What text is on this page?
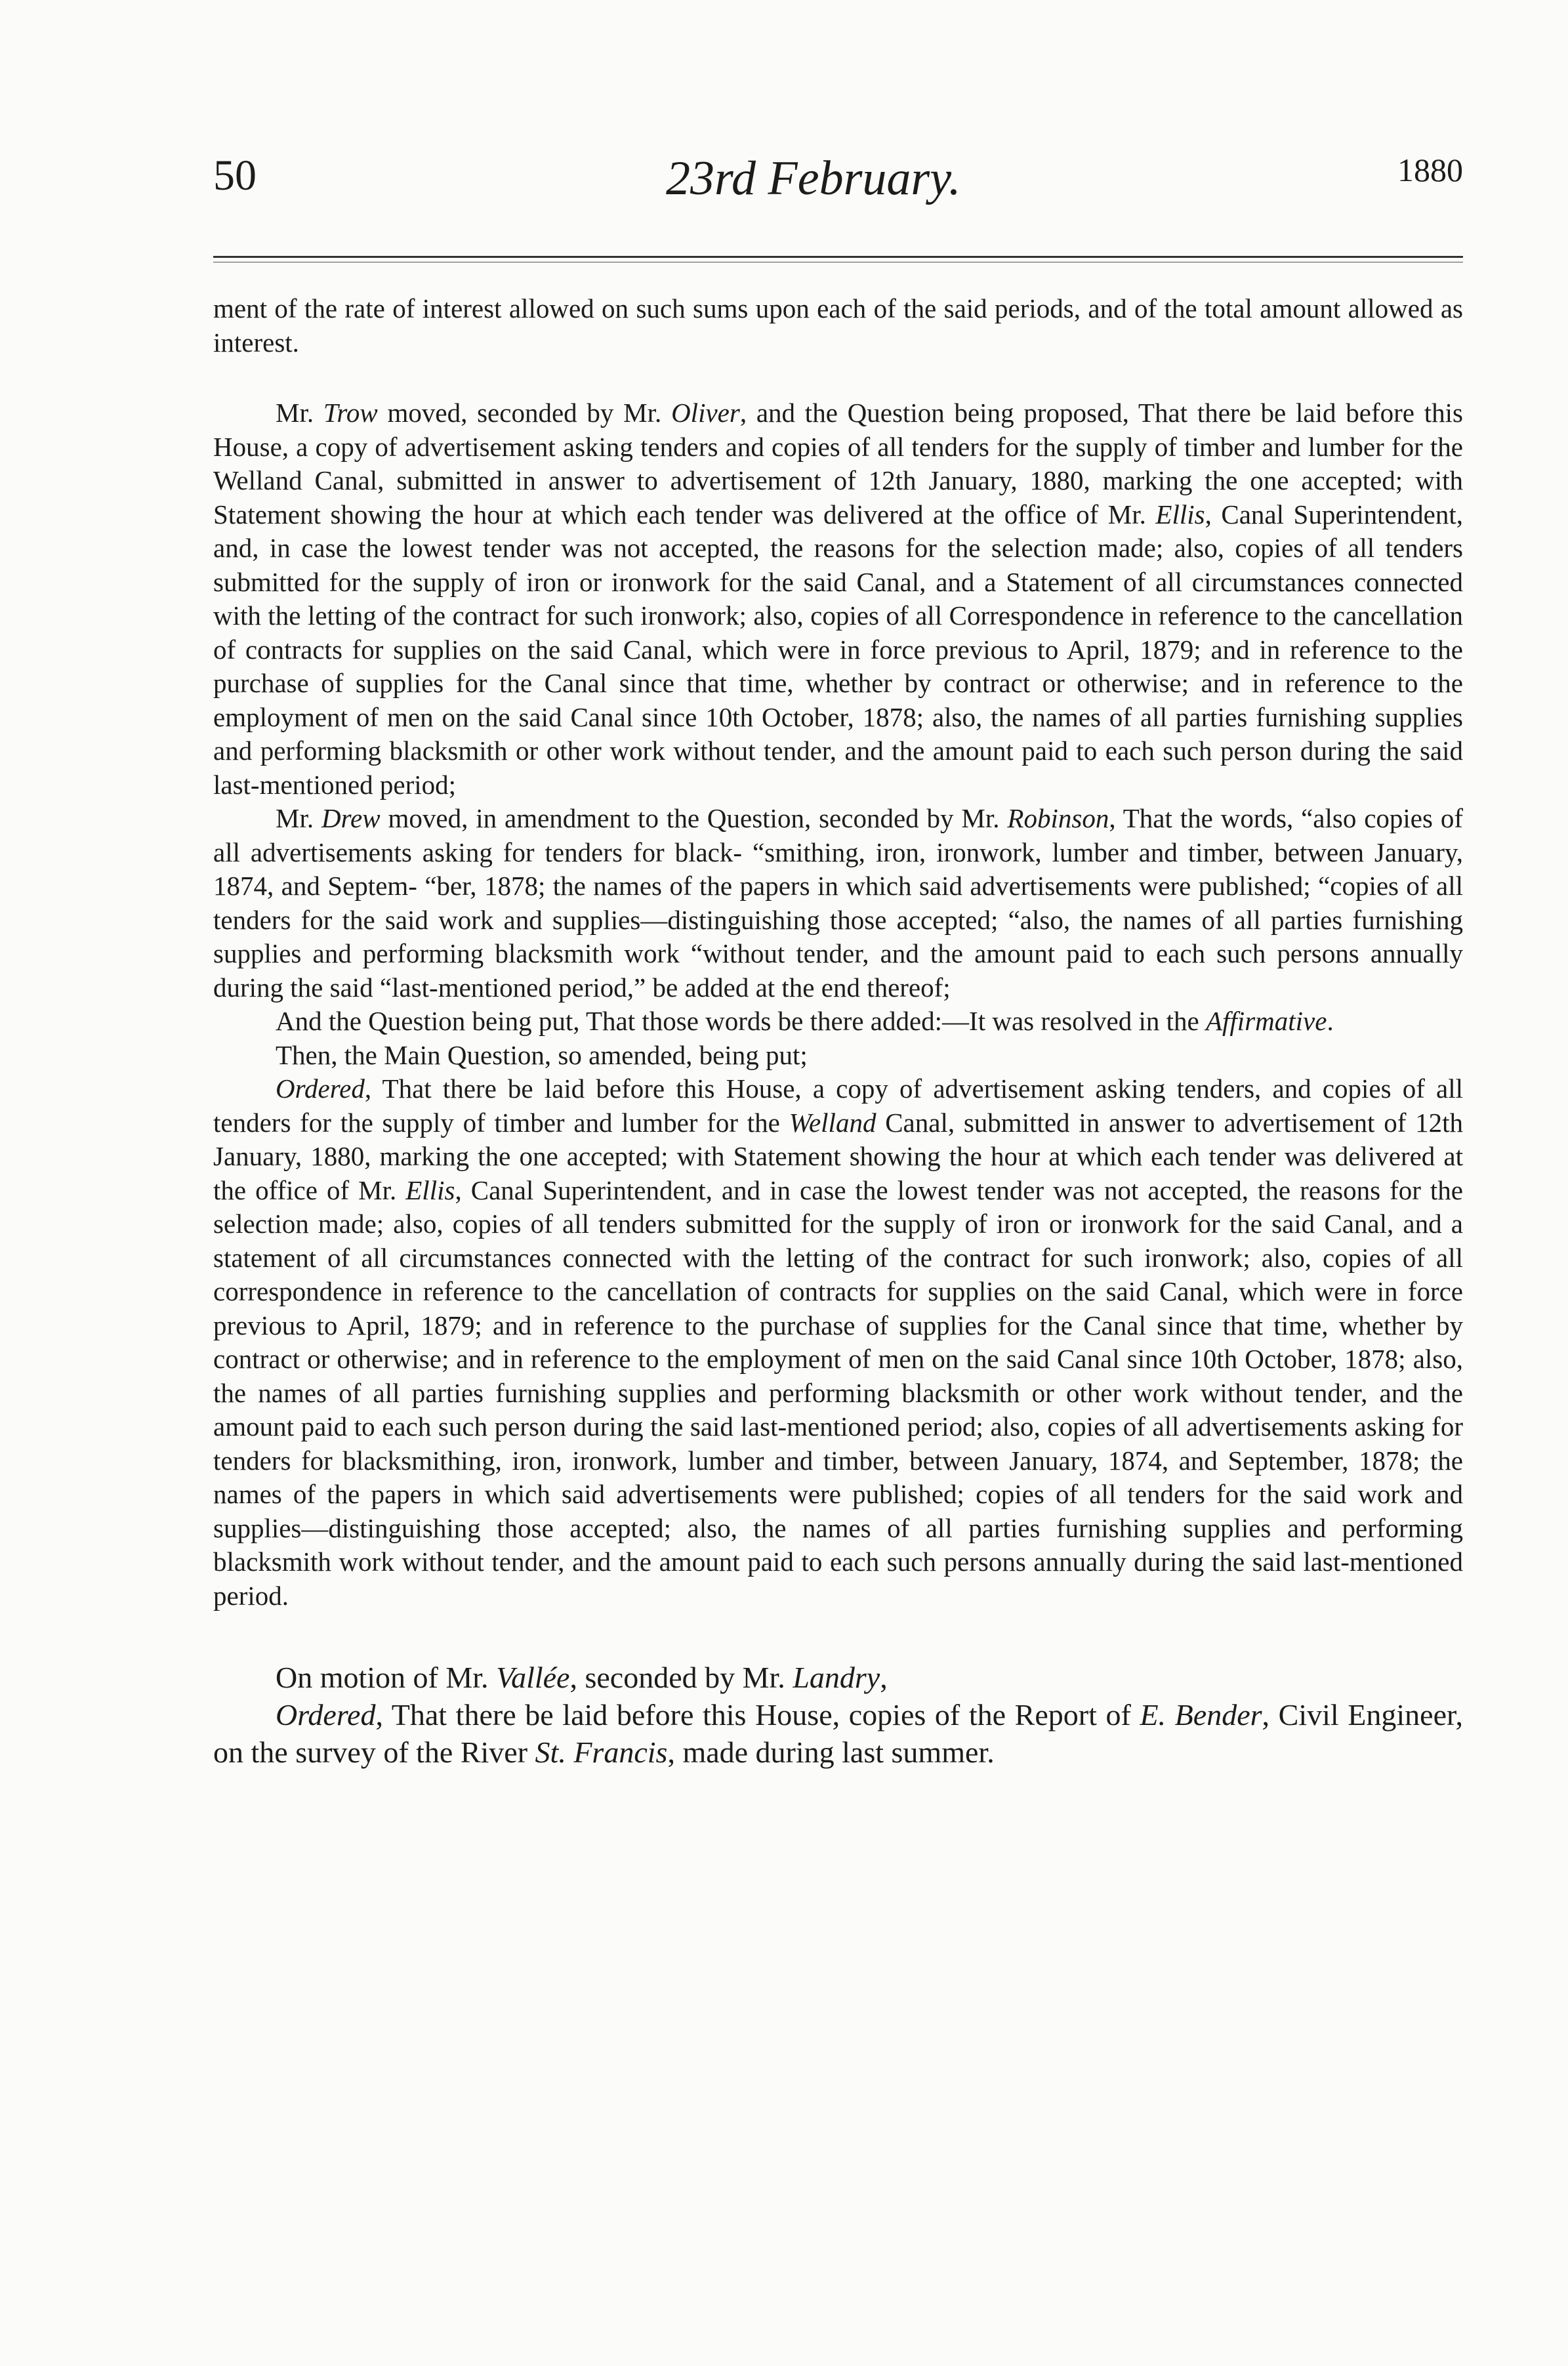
50	23rd February.	1880

ment of the rate of interest allowed on such sums upon each of the said periods, and of the total amount allowed as interest.

Mr. Trow moved, seconded by Mr. Oliver, and the Question being proposed, That there be laid before this House, a copy of advertisement asking tenders and copies of all tenders for the supply of timber and lumber for the Welland Canal, submitted in answer to advertisement of 12th January, 1880, marking the one accepted; with Statement showing the hour at which each tender was delivered at the office of Mr. Ellis, Canal Superintendent, and, in case the lowest tender was not accepted, the reasons for the selection made; also, copies of all tenders submitted for the supply of iron or ironwork for the said Canal, and a Statement of all circumstances connected with the letting of the contract for such ironwork; also, copies of all Correspondence in reference to the cancellation of contracts for supplies on the said Canal, which were in force previous to April, 1879; and in reference to the purchase of supplies for the Canal since that time, whether by contract or otherwise; and in reference to the employment of men on the said Canal since 10th October, 1878; also, the names of all parties furnishing supplies and performing blacksmith or other work without tender, and the amount paid to each such person during the said last-mentioned period;

Mr. Drew moved, in amendment to the Question, seconded by Mr. Robinson, That the words, “also copies of all advertisements asking for tenders for black- “smithing, iron, ironwork, lumber and timber, between January, 1874, and Septem- “ber, 1878; the names of the papers in which said advertisements were published; “copies of all tenders for the said work and supplies—distinguishing those accepted; “also, the names of all parties furnishing supplies and performing blacksmith work “without tender, and the amount paid to each such persons annually during the said “last-mentioned period,” be added at the end thereof;

And the Question being put, That those words be there added:—It was resolved in the Affirmative.

Then, the Main Question, so amended, being put;

Ordered, That there be laid before this House, a copy of advertisement asking tenders, and copies of all tenders for the supply of timber and lumber for the Welland Canal, submitted in answer to advertisement of 12th January, 1880, marking the one accepted; with Statement showing the hour at which each tender was delivered at the office of Mr. Ellis, Canal Superintendent, and in case the lowest tender was not accepted, the reasons for the selection made; also, copies of all tenders submitted for the supply of iron or ironwork for the said Canal, and a statement of all circumstances connected with the letting of the contract for such ironwork; also, copies of all correspondence in reference to the cancellation of contracts for supplies on the said Canal, which were in force previous to April, 1879; and in reference to the purchase of supplies for the Canal since that time, whether by contract or otherwise; and in reference to the employment of men on the said Canal since 10th October, 1878; also, the names of all parties furnishing supplies and performing blacksmith or other work without tender, and the amount paid to each such person during the said last-mentioned period; also, copies of all advertisements asking for tenders for blacksmithing, iron, ironwork, lumber and timber, between January, 1874, and September, 1878; the names of the papers in which said advertisements were published; copies of all tenders for the said work and supplies—distinguishing those accepted; also, the names of all parties furnishing supplies and performing blacksmith work without tender, and the amount paid to each such persons annually during the said last-mentioned period.

On motion of Mr. Vallée, seconded by Mr. Landry,

Ordered, That there be laid before this House, copies of the Report of E. Bender, Civil Engineer, on the survey of the River St. Francis, made during last summer.
